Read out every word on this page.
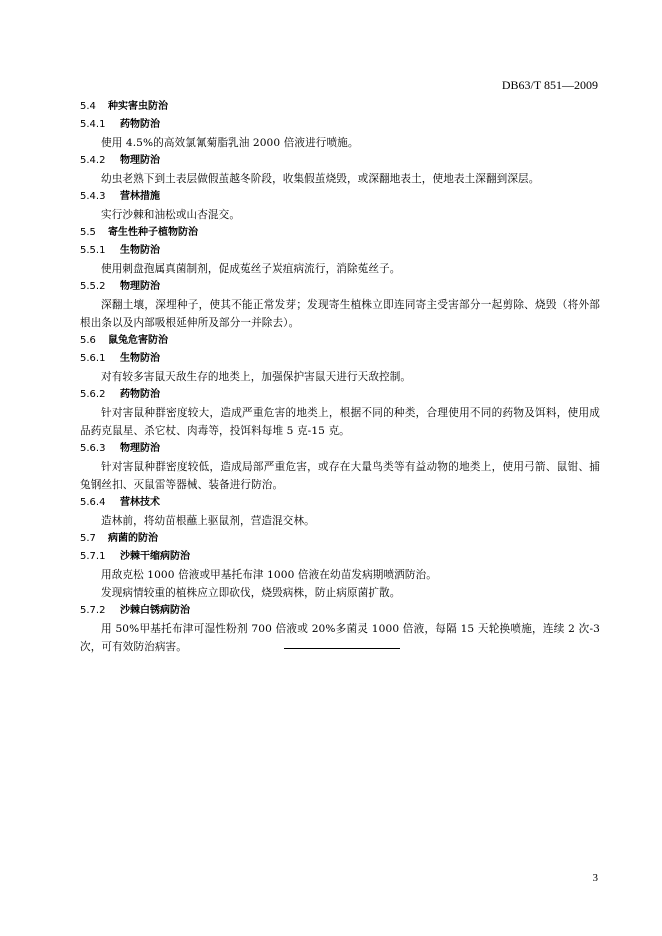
DB63/T 851—2009
5.4 种实害虫防治
5.4.1 药物防治
使用 4.5%的高效氯氰菊脂乳油 2000 倍液进行喷施。
5.4.2 物理防治
幼虫老熟下到土表层做假茧越冬阶段，收集假茧烧毁，或深翻地表土，使地表土深翻到深层。
5.4.3 营林措施
实行沙棘和油松或山杏混交。
5.5 寄生性种子植物防治
5.5.1 生物防治
使用刺盘孢属真菌制剂，促成菟丝子炭疽病流行，消除菟丝子。
5.5.2 物理防治
深翻土壤，深埋种子，使其不能正常发芽；发现寄生植株立即连同寄主受害部分一起剪除、烧毁（将外部根出条以及内部吸根延伸所及部分一并除去）。
5.6 鼠兔危害防治
5.6.1 生物防治
对有较多害鼠天敌生存的地类上，加强保护害鼠天进行天敌控制。
5.6.2 药物防治
针对害鼠种群密度较大，造成严重危害的地类上，根据不同的种类，合理使用不同的药物及饵料，使用成品药克鼠星、杀它杖、肉毒等，投饵料每堆 5 克-15 克。
5.6.3 物理防治
针对害鼠种群密度较低，造成局部严重危害，或存在大量鸟类等有益动物的地类上，使用弓箭、鼠钳、捕兔钢丝扣、灭鼠雷等器械、装备进行防治。
5.6.4 营林技术
造林前，将幼苗根蘸上驱鼠剂，营造混交林。
5.7 病菌的防治
5.7.1 沙棘干缩病防治
用敌克松 1000 倍液或甲基托布津 1000 倍液在幼苗发病期喷洒防治。
发现病情较重的植株应立即砍伐，烧毁病株，防止病原菌扩散。
5.7.2 沙棘白锈病防治
用 50%甲基托布津可湿性粉剂 700 倍液或 20%多菌灵 1000 倍液，每隔 15 天轮换喷施，连续 2 次-3 次，可有效防治病害。
3
